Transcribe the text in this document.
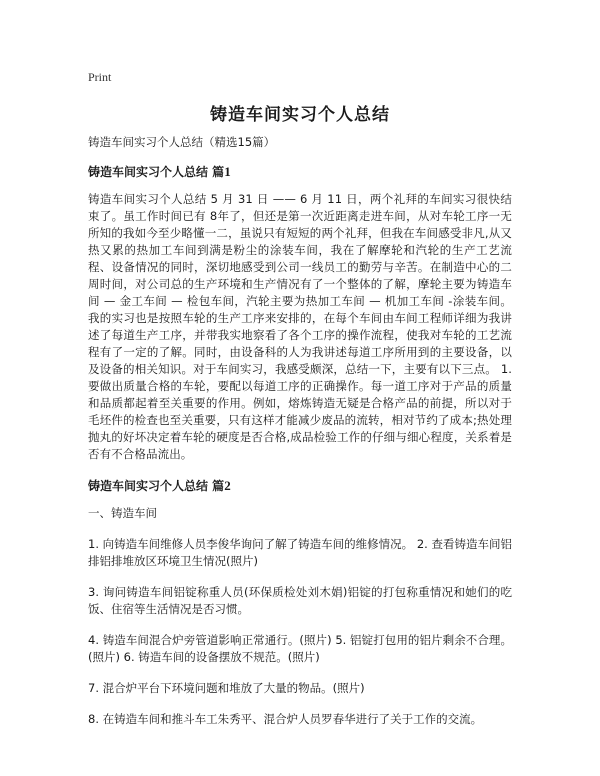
Print
铸造车间实习个人总结

铸造车间实习个人总结（精选15篇）

铸造车间实习个人总结 篇1

铸造车间实习个人总结 5 月 31 日 —— 6 月 11 日，两个礼拜的车间实习很快结束了。虽工作时间已有 8年了，但还是第一次近距离走进车间，从对车轮工序一无所知的我如今至少略懂一二，虽说只有短短的两个礼拜，但我在车间感受非凡,从又热又累的热加工车间到满是粉尘的涂装车间，我在了解摩轮和汽轮的生产工艺流程、设备情况的同时，深切地感受到公司一线员工的勤劳与辛苦。在制造中心的二周时间，对公司总的生产环境和生产情况有了一个整体的了解，摩轮主要为铸造车间 — 金工车间 — 检包车间，汽轮主要为热加工车间 — 机加工车间 -涂装车间。我的实习也是按照车轮的生产工序来安排的，在每个车间由车间工程师详细为我讲述了每道生产工序，并带我实地察看了各个工序的操作流程，使我对车轮的工艺流程有了一定的了解。同时，由设备科的人为我讲述每道工序所用到的主要设备，以及设备的相关知识。对于车间实习，我感受颇深，总结一下，主要有以下三点。 1. 要做出质量合格的车轮，要配以每道工序的正确操作。每一道工序对于产品的质量和品质都起着至关重要的作用。例如，熔炼铸造无疑是合格产品的前提，所以对于毛坯件的检查也至关重要，只有这样才能减少废品的流转，相对节约了成本;热处理抛丸的好坏决定着车轮的硬度是否合格,成品检验工作的仔细与细心程度，关系着是否有不合格品流出。

铸造车间实习个人总结 篇2

一、铸造车间

1. 向铸造车间维修人员李俊华询问了解了铸造车间的维修情况。 2. 查看铸造车间铝排铝排堆放区环境卫生情况(照片)

3. 询问铸造车间铝锭称重人员(环保质检处刘木娟)铝锭的打包称重情况和她们的吃饭、住宿等生活情况是否习惯。

4. 铸造车间混合炉旁管道影响正常通行。(照片) 5. 铝锭打包用的铝片剩余不合理。(照片) 6. 铸造车间的设备摆放不规范。(照片)

7. 混合炉平台下环境问题和堆放了大量的物品。(照片)

8. 在铸造车间和推斗车工朱秀平、混合炉人员罗春华进行了关于工作的交流。
